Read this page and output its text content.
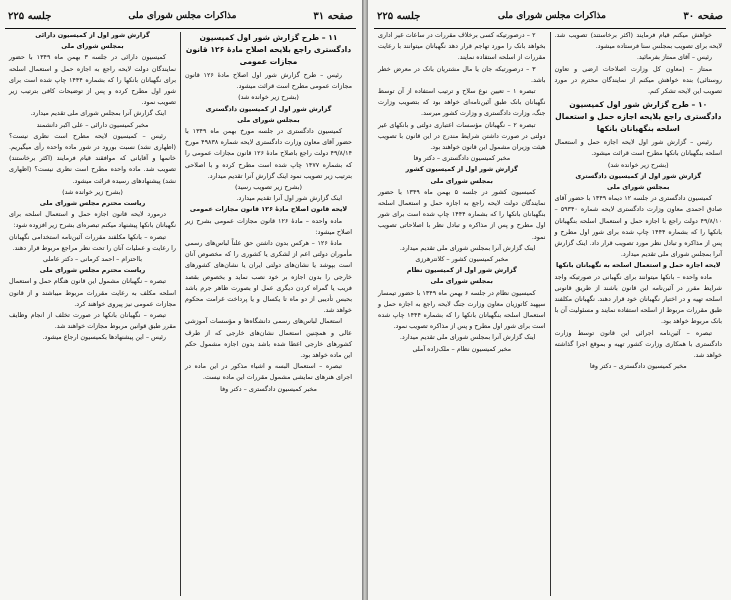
صفحه ۳۱
مذاکرات مجلس شورای ملی
جلسه ۲۲۵

۱۱ – طرح گزارش شور اول کمیسیون دادگستری راجع بلایحه اصلاح مادهٔ ۱۲۶ قانون مجازات عمومی

رئیس – طرح گزارش شور اول اصلاح مادهٔ ۱۲۶ قانون مجازات عمومی مطرح است قرائت میشود.

(بشرح زیر خوانده شد)

گزارش شور اول از کمیسیون دادگستری

بمجلس شورای ملی

کمیسیون دادگستری در جلسه مورخ بهمن ماه ۱۳۴۹ با حضور آقای معاون وزارت دادگستری لایحه شماره ۴۹۸۳۸ مورخ ۴۹/۸/۱۴ دولت راجع باصلاح مادهٔ ۱۲۶ قانون مجازات عمومی را که بشماره ۱۴۷۷ چاپ شده است مطرح کرده و با اصلاحی بترتیب زیر تصویب نمود اینک گزارش آنرا تقدیم میدارد.

(بشرح زیر تصویب رسید)

اینک گزارش شور اول آنرا تقدیم میدارد.

لایحه قانون اصلاح مادهٔ ۱۲۶ قانون مجازات عمومی

ماده واحده – مادهٔ ۱۲۶ قانون مجازات عمومی بشرح زیر اصلاح میشود:

مادهٔ ۱۲۶ – هرکس بدون داشتن حق علناً لباس‌های رسمی مأموران دولتی اعم از لشکری یا کشوری را که مخصوص آنان است بپوشد یا نشان‌های دولتی ایران یا نشان‌های کشورهای خارجی را بدون اجازه بر خود نصب نماید و بخصوص بقصد فریب یا گمراه کردن دیگری عمل او بصورت ظاهر جرم باشد بحبس تأدیبی از دو ماه تا یکسال و یا پرداخت غرامت محکوم خواهد شد.

استعمال لباس‌های رسمی دانشگاه‌ها و مؤسسات آموزشی عالی و همچنین استعمال نشان‌های خارجی که از طرف کشورهای خارجی اعطا شده باشد بدون اجازه مشمول حکم این ماده خواهد بود.

تبصره – استعمال البسه و اشیاء مذکور در این ماده در اجرای هنرهای نمایشی مشمول مقررات این ماده نیست.

مخبر کمیسیون دادگستری – دکتر وفا

گزارش شور اول از کمیسیون دارائی

بمجلس شورای ملی

کمیسیون دارائی در جلسه ۳ بهمن ماه ۱۳۴۹ با حضور نمایندگان دولت لایحه راجع به اجازه حمل و استعمال اسلحه برای نگهبانان بانکها را که بشماره ۱۴۴۴ چاپ شده است برای شور اول مطرح کرده و پس از توضیحات کافی بترتیب زیر تصویب نمود.

اینک گزارش آنرا بمجلس شورای ملی تقدیم میدارد.

مخبر کمیسیون دارائی – علی اکبر دانشمند

رئیس – کمیسیون لایحه مطرح است نظری نیست؟ (اظهاری نشد) نسبت بورود در شور ماده واحده رأی میگیریم. خانمها و آقایانی که موافقند قیام فرمایند (اکثر برخاستند) تصویب شد. ماده واحده مطرح است نظری نیست؟ (اظهاری نشد) پیشنهادهای رسیده قرائت میشود.

(بشرح زیر خوانده شد)

ریاست محترم مجلس شورای ملی

درمورد لایحه قانون اجازه حمل و استعمال اسلحه برای نگهبانان بانکها پیشنهاد میکنم تبصره‌ای بشرح زیر افزوده شود:

تبصره – بانکها مکلفند مقررات آئین‌نامه استخدامی نگهبانان را رعایت و عملیات آنان را تحت نظر مراجع مربوط قرار دهند.

بااحترام – احمد کرمانی – دکتر عاملی

ریاست محترم مجلس شورای ملی

تبصره – نگهبانان مشمول این قانون هنگام حمل و استعمال اسلحه مکلف به رعایت مقررات مربوط میباشند و از قانون مجازات عمومی نیز پیروی خواهند کرد.

تبصره – نگهبانان بانکها در صورت تخلف از انجام وظایف مقرر طبق قوانین مربوط مجازات خواهند شد.

رئیس – این پیشنهادها بکمیسیون ارجاع میشود.

صفحه ۳۰
مذاکرات مجلس شورای ملی
جلسه ۲۲۵

خواهش میکنم قیام فرمایند (اکثر برخاستند) تصویب شد. لایحه برای تصویب بمجلس سنا فرستاده میشود.

رئیس – آقای ممتاز بفرمائید.

ممتاز – (معاون کل وزارت اصلاحات ارضی و تعاون روستائی) بنده خواهش میکنم از نمایندگان محترم در مورد تصویب این لایحه تشکر کنم.

۱۰ – طرح گزارش شور اول کمیسیون دادگستری راجع بلایحه اجازه حمل و استعمال اسلحه بنگهبانان بانکها

رئیس – گزارش شور اول لایحه اجازه حمل و استعمال اسلحه بنگهبانان بانکها مطرح است قرائت میشود.

(بشرح زیر خوانده شد)

گزارش شور اول از کمیسیون دادگستری

بمجلس شورای ملی

کمیسیون دادگستری در جلسه ۱۲ دیماه ۱۳۴۹ با حضور آقای صادق احمدی معاون وزارت دادگستری لایحه شماره ۵۹۳۴۰ – ۴۹/۸/۱۰ دولت راجع با اجازه حمل و استعمال اسلحه بنگهبانان بانکها را که بشماره ۱۴۴۴ چاپ شده برای شور اول مطرح و پس از مذاکره و تبادل نظر مورد تصویب قرار داد. اینک گزارش آنرا بمجلس شورای ملی تقدیم میدارد.

لایحه اجازه حمل و استعمال اسلحه به نگهبانان بانکها

ماده واحده – بانکها میتوانند برای نگهبانی در صورتیکه واجد شرایط مقرر در آئین‌نامه این قانون باشند از طریق قانونی اسلحه تهیه و در اختیار نگهبانان خود قرار دهند. نگهبانان مکلفند طبق مقررات مربوط از اسلحه استفاده نمایند و مسئولیت آن با بانک مربوط خواهد بود.

تبصره – آئین‌نامه اجرائی این قانون توسط وزارت دادگستری با همکاری وزارت کشور تهیه و بموقع اجرا گذاشته خواهد شد.

مخبر کمیسیون دادگستری – دکتر وفا

۲ – درصورتیکه کسی برخلاف مقررات در ساعات غیر اداری بخواهد بانک را مورد تهاجم قرار دهد نگهبانان میتوانند با رعایت مقررات از اسلحه استفاده نمایند.

۳ – درصورتیکه جان یا مال مشتریان بانک در معرض خطر باشد.

تبصره ۱ – تعیین نوع سلاح و ترتیب استفاده از آن توسط نگهبانان بانک طبق آئین‌نامه‌ای خواهد بود که بتصویب وزارت جنگ، وزارت دادگستری و وزارت کشور میرسد.

تبصره ۲ – نگهبانان مؤسسات اعتباری دولتی و بانکهای غیر دولتی در صورت داشتن شرایط مندرج در این قانون با تصویب هیئت وزیران مشمول این قانون خواهند بود.

مخبر کمیسیون دادگستری – دکتر وفا

گزارش شور اول از کمیسیون کشور

بمجلس شورای ملی

کمیسیون کشور در جلسه ۵ بهمن ماه ۱۳۴۹ با حضور نمایندگان دولت لایحه راجع به اجازه حمل و استعمال اسلحه بنگهبانان بانکها را که بشماره ۱۴۴۴ چاپ شده است برای شور اول مطرح و پس از مذاکره و تبادل نظر با اصلاحاتی تصویب نمود.

اینک گزارش آنرا بمجلس شورای ملی تقدیم میدارد.

مخبر کمیسیون کشور – کلانترهرزی

گزارش شور اول از کمیسیون نظام

بمجلس شورای ملی

کمیسیون نظام در جلسه ۶ بهمن ماه ۱۳۴۹ با حضور تیمسار سپهبد کاتوزیان معاون وزارت جنگ لایحه راجع به اجازه حمل و استعمال اسلحه بنگهبانان بانکها را که بشماره ۱۴۴۴ چاپ شده است برای شور اول مطرح و پس از مذاکره تصویب نمود.

اینک گزارش آنرا بمجلس شورای ملی تقدیم میدارد.

مخبر کمیسیون نظام – ملک‌زاده آملی
